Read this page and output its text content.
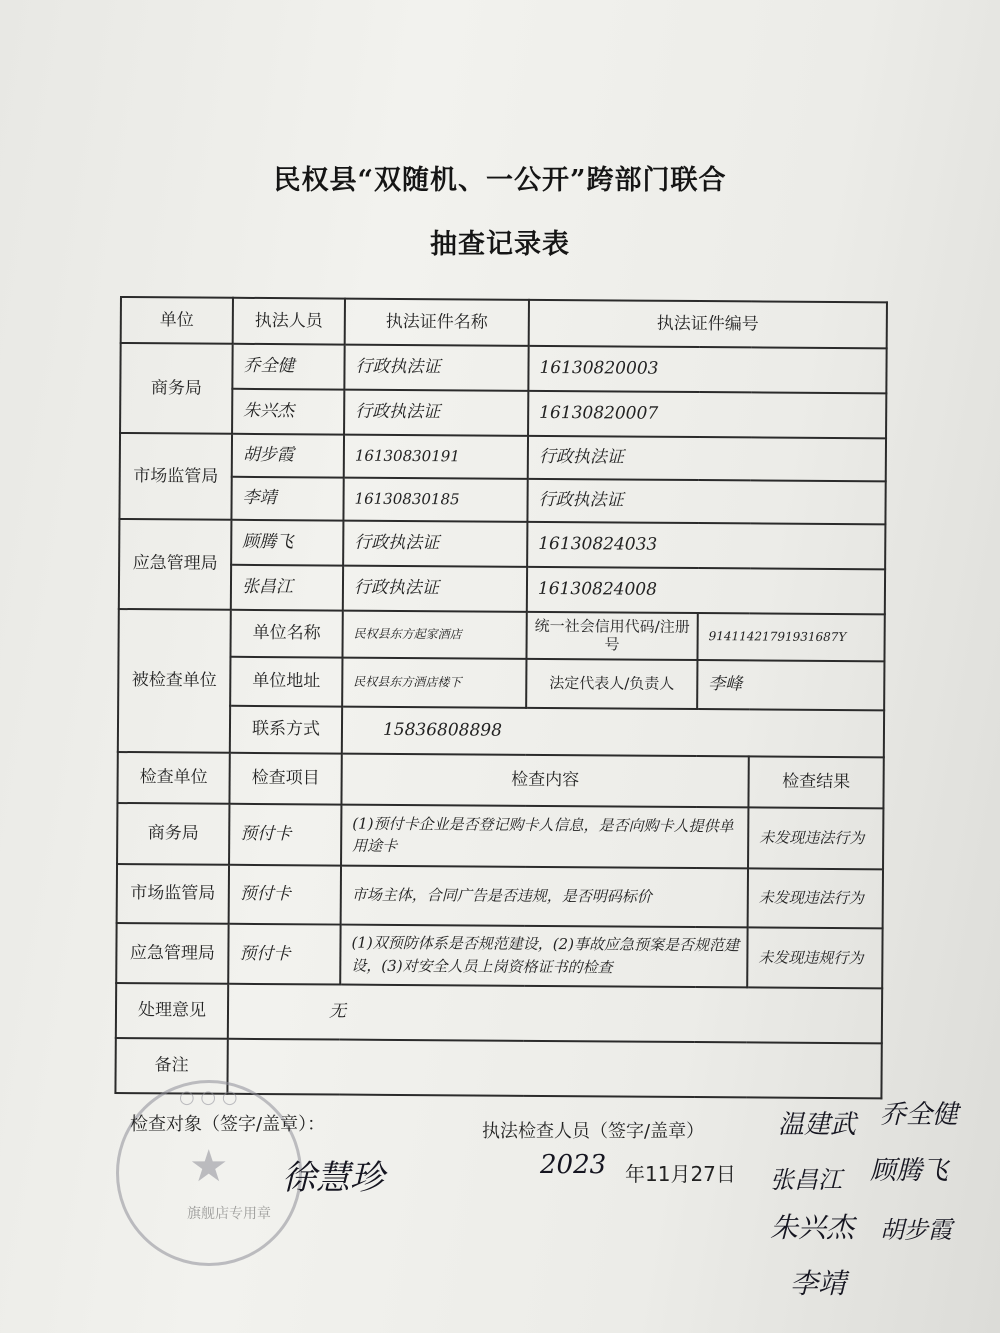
民权县“双随机、一公开”跨部门联合
抽查记录表
单位	执法人员	执法证件名称	执法证件编号		
商务局	乔全健	行政执法证	16130820003		
	朱兴杰	行政执法证	16130820007		
市场监管局	胡步霞	16130830191	行政执法证		
	李靖	16130830185	行政执法证		
应急管理局	顾腾飞	行政执法证	16130824033		
	张昌江	行政执法证	16130824008		
被检查单位	单位名称	民权县东方起家酒店	统一社会信用代码/注册号	91411421791931687Y	
	单位地址	民权县东方酒店楼下	法定代表人/负责人	李峰	
	联系方式	15836808898			
检查单位	检查项目	检查内容			检查结果
商务局	预付卡	(1)预付卡企业是否登记购卡人信息，是否向购卡人提供单用途卡			未发现违法行为
市场监管局	预付卡	市场主体，合同广告是否违规，是否明码标价			未发现违法行为
应急管理局	预付卡	(1)双预防体系是否规范建设，(2)事故应急预案是否规范建设，(3)对安全人员上岗资格证书的检查			未发现违规行为
处理意见	无				
备注					
○ ○ ○
★
旗舰店专用章
检查对象（签字/盖章）：
徐慧珍
执法检查人员（签字/盖章）
2023 年11月27日
温建武 乔全健
张昌江 顾腾飞
朱兴杰 胡步霞
李靖
